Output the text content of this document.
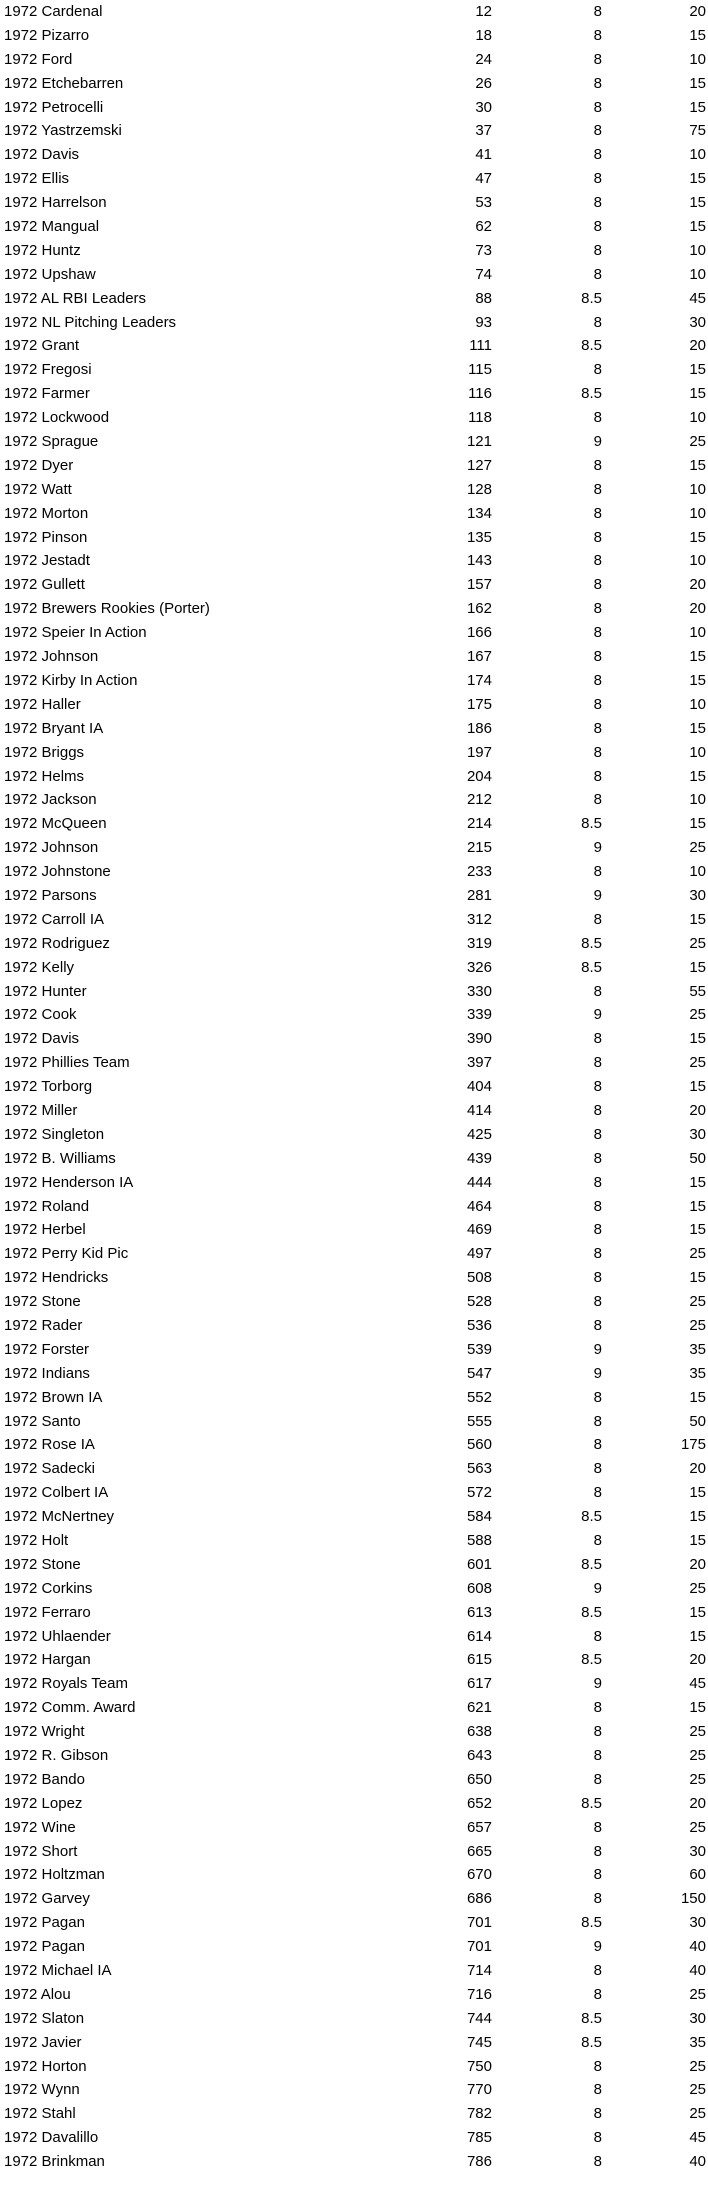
1972 Cardenal	12	8	20
1972 Pizarro	18	8	15
1972 Ford	24	8	10
1972 Etchebarren	26	8	15
1972 Petrocelli	30	8	15
1972 Yastrzemski	37	8	75
1972 Davis	41	8	10
1972 Ellis	47	8	15
1972 Harrelson	53	8	15
1972 Mangual	62	8	15
1972 Huntz	73	8	10
1972 Upshaw	74	8	10
1972 AL RBI Leaders	88	8.5	45
1972 NL Pitching Leaders	93	8	30
1972 Grant	111	8.5	20
1972 Fregosi	115	8	15
1972 Farmer	116	8.5	15
1972 Lockwood	118	8	10
1972 Sprague	121	9	25
1972 Dyer	127	8	15
1972 Watt	128	8	10
1972 Morton	134	8	10
1972 Pinson	135	8	15
1972 Jestadt	143	8	10
1972 Gullett	157	8	20
1972 Brewers Rookies (Porter)	162	8	20
1972 Speier In Action	166	8	10
1972 Johnson	167	8	15
1972 Kirby In Action	174	8	15
1972 Haller	175	8	10
1972 Bryant IA	186	8	15
1972 Briggs	197	8	10
1972 Helms	204	8	15
1972 Jackson	212	8	10
1972 McQueen	214	8.5	15
1972 Johnson	215	9	25
1972 Johnstone	233	8	10
1972 Parsons	281	9	30
1972 Carroll IA	312	8	15
1972 Rodriguez	319	8.5	25
1972 Kelly	326	8.5	15
1972 Hunter	330	8	55
1972 Cook	339	9	25
1972 Davis	390	8	15
1972 Phillies Team	397	8	25
1972 Torborg	404	8	15
1972 Miller	414	8	20
1972 Singleton	425	8	30
1972 B. Williams	439	8	50
1972 Henderson IA	444	8	15
1972 Roland	464	8	15
1972 Herbel	469	8	15
1972 Perry Kid Pic	497	8	25
1972 Hendricks	508	8	15
1972 Stone	528	8	25
1972 Rader	536	8	25
1972 Forster	539	9	35
1972 Indians	547	9	35
1972 Brown IA	552	8	15
1972 Santo	555	8	50
1972 Rose IA	560	8	175
1972 Sadecki	563	8	20
1972 Colbert IA	572	8	15
1972 McNertney	584	8.5	15
1972 Holt	588	8	15
1972 Stone	601	8.5	20
1972 Corkins	608	9	25
1972 Ferraro	613	8.5	15
1972 Uhlaender	614	8	15
1972 Hargan	615	8.5	20
1972 Royals Team	617	9	45
1972 Comm. Award	621	8	15
1972 Wright	638	8	25
1972 R. Gibson	643	8	25
1972 Bando	650	8	25
1972 Lopez	652	8.5	20
1972 Wine	657	8	25
1972 Short	665	8	30
1972 Holtzman	670	8	60
1972 Garvey	686	8	150
1972 Pagan	701	8.5	30
1972 Pagan	701	9	40
1972 Michael IA	714	8	40
1972 Alou	716	8	25
1972 Slaton	744	8.5	30
1972 Javier	745	8.5	35
1972 Horton	750	8	25
1972 Wynn	770	8	25
1972 Stahl	782	8	25
1972 Davalillo	785	8	45
1972 Brinkman	786	8	40
